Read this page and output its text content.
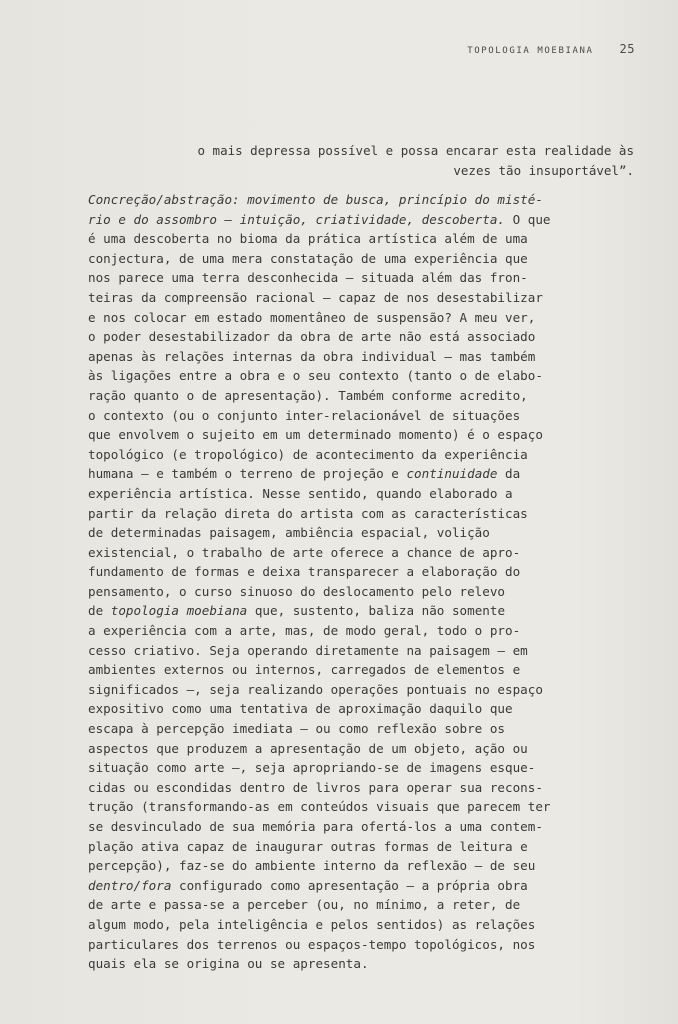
TOPOLOGIA MOEBIANA 25
o mais depressa possível e possa encarar esta realidade às
vezes tão insuportável”.
Concreção/abstração: movimento de busca, princípio do misté-
rio e do assombro – intuição, criatividade, descoberta. O que
é uma descoberta no bioma da prática artística além de uma
conjectura, de uma mera constatação de uma experiência que
nos parece uma terra desconhecida – situada além das fron-
teiras da compreensão racional – capaz de nos desestabilizar
e nos colocar em estado momentâneo de suspensão? A meu ver,
o poder desestabilizador da obra de arte não está associado
apenas às relações internas da obra individual – mas também
às ligações entre a obra e o seu contexto (tanto o de elabo-
ração quanto o de apresentação). Também conforme acredito,
o contexto (ou o conjunto inter-relacionável de situações
que envolvem o sujeito em um determinado momento) é o espaço
topológico (e tropológico) de acontecimento da experiência
humana – e também o terreno de projeção e continuidade da
experiência artística. Nesse sentido, quando elaborado a
partir da relação direta do artista com as características
de determinadas paisagem, ambiência espacial, volição
existencial, o trabalho de arte oferece a chance de apro-
fundamento de formas e deixa transparecer a elaboração do
pensamento, o curso sinuoso do deslocamento pelo relevo
de topologia moebiana que, sustento, baliza não somente
a experiência com a arte, mas, de modo geral, todo o pro-
cesso criativo. Seja operando diretamente na paisagem – em
ambientes externos ou internos, carregados de elementos e
significados –, seja realizando operações pontuais no espaço
expositivo como uma tentativa de aproximação daquilo que
escapa à percepção imediata – ou como reflexão sobre os
aspectos que produzem a apresentação de um objeto, ação ou
situação como arte –, seja apropriando-se de imagens esque-
cidas ou escondidas dentro de livros para operar sua recons-
trução (transformando-as em conteúdos visuais que parecem ter
se desvinculado de sua memória para ofertá-los a uma contem-
plação ativa capaz de inaugurar outras formas de leitura e
percepção), faz-se do ambiente interno da reflexão – de seu
dentro/fora configurado como apresentação – a própria obra
de arte e passa-se a perceber (ou, no mínimo, a reter, de
algum modo, pela inteligência e pelos sentidos) as relações
particulares dos terrenos ou espaços-tempo topológicos, nos
quais ela se origina ou se apresenta.
